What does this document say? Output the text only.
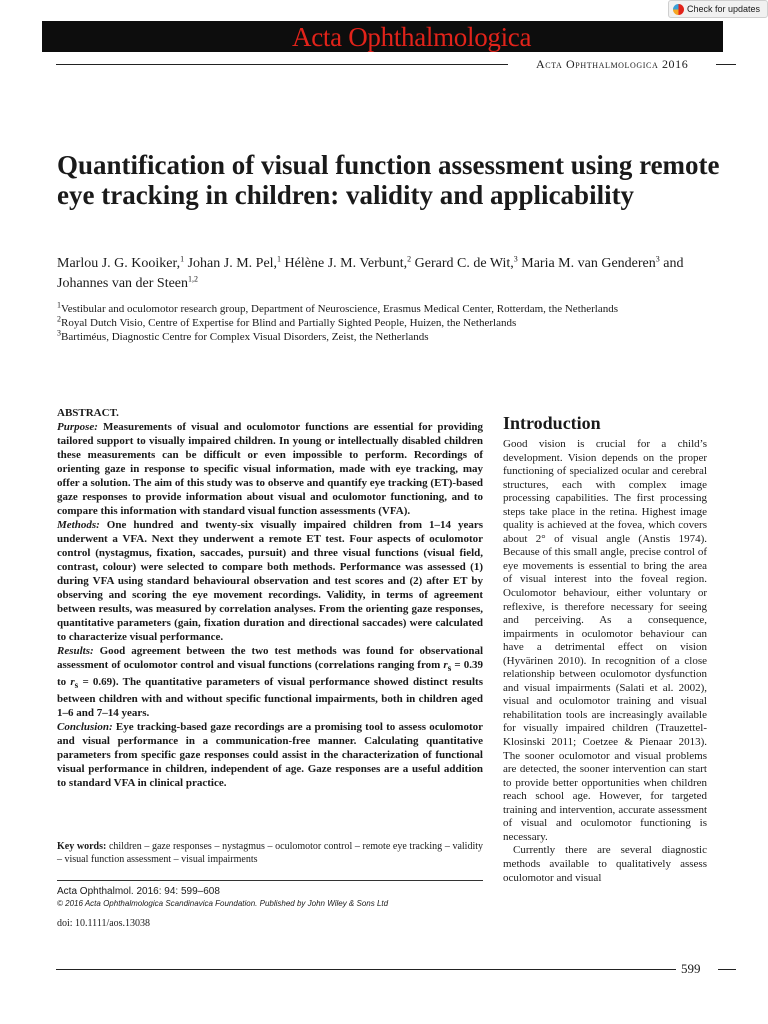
Check for updates
Acta Ophthalmologica
Acta Ophthalmologica 2016
Quantification of visual function assessment using remote eye tracking in children: validity and applicability
Marlou J. G. Kooiker,$^1$ Johan J. M. Pel,$^1$ Hélène J. M. Verbunt,$^2$ Gerard C. de Wit,$^3$ Maria M. van Genderen$^3$ and Johannes van der Steen$^{1,2}$
$^1$Vestibular and oculomotor research group, Department of Neuroscience, Erasmus Medical Center, Rotterdam, the Netherlands
$^2$Royal Dutch Visio, Centre of Expertise for Blind and Partially Sighted People, Huizen, the Netherlands
$^3$Bartiméus, Diagnostic Centre for Complex Visual Disorders, Zeist, the Netherlands
ABSTRACT.
Purpose: Measurements of visual and oculomotor functions are essential for providing tailored support to visually impaired children. In young or intellectually disabled children these measurements can be difficult or even impossible to perform. Recordings of orienting gaze in response to specific visual information, made with eye tracking, may offer a solution. The aim of this study was to observe and quantify eye tracking (ET)-based gaze responses to provide information about visual and oculomotor functioning, and to compare this information with standard visual function assessments (VFA).
Methods: One hundred and twenty-six visually impaired children from 1–14 years underwent a VFA. Next they underwent a remote ET test. Four aspects of oculomotor control (nystagmus, fixation, saccades, pursuit) and three visual functions (visual field, contrast, colour) were selected to compare both methods. Performance was assessed (1) during VFA using standard behavioural observation and test scores and (2) after ET by observing and scoring the eye movement recordings. Validity, in terms of agreement between results, was measured by correlation analyses. From the orienting gaze responses, quantitative parameters (gain, fixation duration and directional saccades) were calculated to characterize visual performance.
Results: Good agreement between the two test methods was found for observational assessment of oculomotor control and visual functions (correlations ranging from $r_s = 0.39$ to $r_s = 0.69$). The quantitative parameters of visual performance showed distinct results between children with and without specific functional impairments, both in children aged 1–6 and 7–14 years.
Conclusion: Eye tracking-based gaze recordings are a promising tool to assess oculomotor and visual performance in a communication-free manner. Calculating quantitative parameters from specific gaze responses could assist in the characterization of functional visual performance in children, independent of age. Gaze responses are a useful addition to standard VFA in clinical practice.
Key words: children – gaze responses – nystagmus – oculomotor control – remote eye tracking – validity – visual function assessment – visual impairments
Acta Ophthalmol. 2016: 94: 599–608
© 2016 Acta Ophthalmologica Scandinavica Foundation. Published by John Wiley & Sons Ltd
doi: 10.1111/aos.13038
Introduction

Good vision is crucial for a child’s development. Vision depends on the proper functioning of specialized ocular and cerebral structures, each with complex image processing capabilities. The first processing steps take place in the retina. Highest image quality is achieved at the fovea, which covers about 2° of visual angle (Anstis 1974). Because of this small angle, precise control of eye movements is essential to bring the area of visual interest into the foveal region. Oculomotor behaviour, either voluntary or reflexive, is therefore necessary for seeing and perceiving. As a consequence, impairments in oculomotor behaviour can have a detrimental effect on vision (Hyvärinen 2010). In recognition of a close relationship between oculomotor dysfunction and visual impairments (Salati et al. 2002), visual and oculomotor training and visual rehabilitation tools are increasingly available for visually impaired children (Trauzettel-Klosinski 2011; Coetzee & Pienaar 2013). The sooner oculomotor and visual problems are detected, the sooner intervention can start to provide better opportunities when children reach school age. However, for targeted training and intervention, accurate assessment of visual and oculomotor functioning is necessary.

Currently there are several diagnostic methods available to qualitatively assess oculomotor and visual

599
